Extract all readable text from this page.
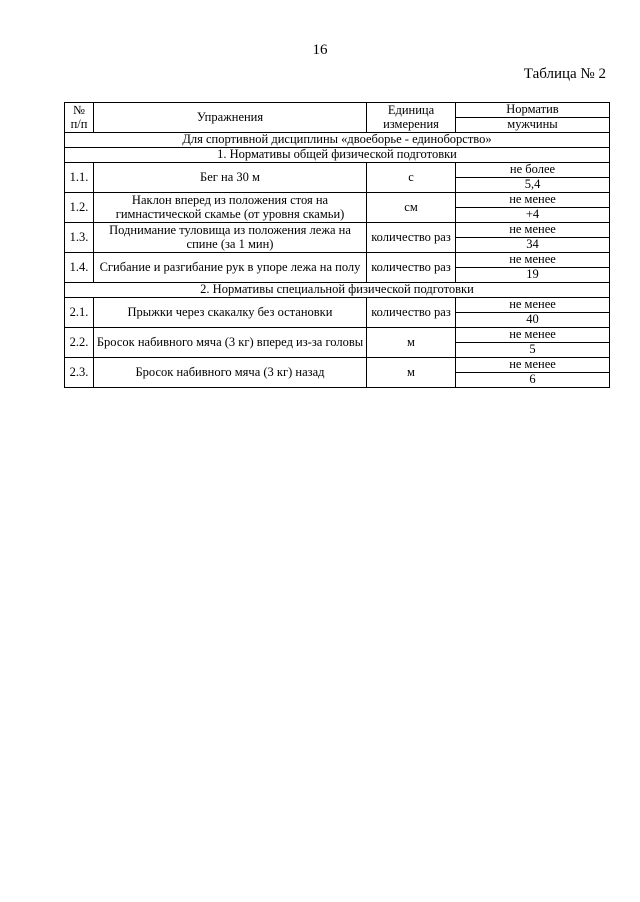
16
Таблица № 2
№ п/п	Упражнения	Единица измерения	Норматив
			мужчины
Для спортивной дисциплины «двоеборье - единоборство»			
1. Нормативы общей физической подготовки			
1.1.	Бег на 30 м	с	не более
			5,4
1.2.	Наклон вперед из положения стоя на гимнастической скамье (от уровня скамьи)	см	не менее
			+4
1.3.	Поднимание туловища из положения лежа на спине (за 1 мин)	количество раз	не менее
			34
1.4.	Сгибание и разгибание рук в упоре лежа на полу	количество раз	не менее
			19
2. Нормативы специальной физической подготовки			
2.1.	Прыжки через скакалку без остановки	количество раз	не менее
			40
2.2.	Бросок набивного мяча (3 кг) вперед из-за головы	м	не менее
			5
2.3.	Бросок набивного мяча (3 кг) назад	м	не менее
			6
